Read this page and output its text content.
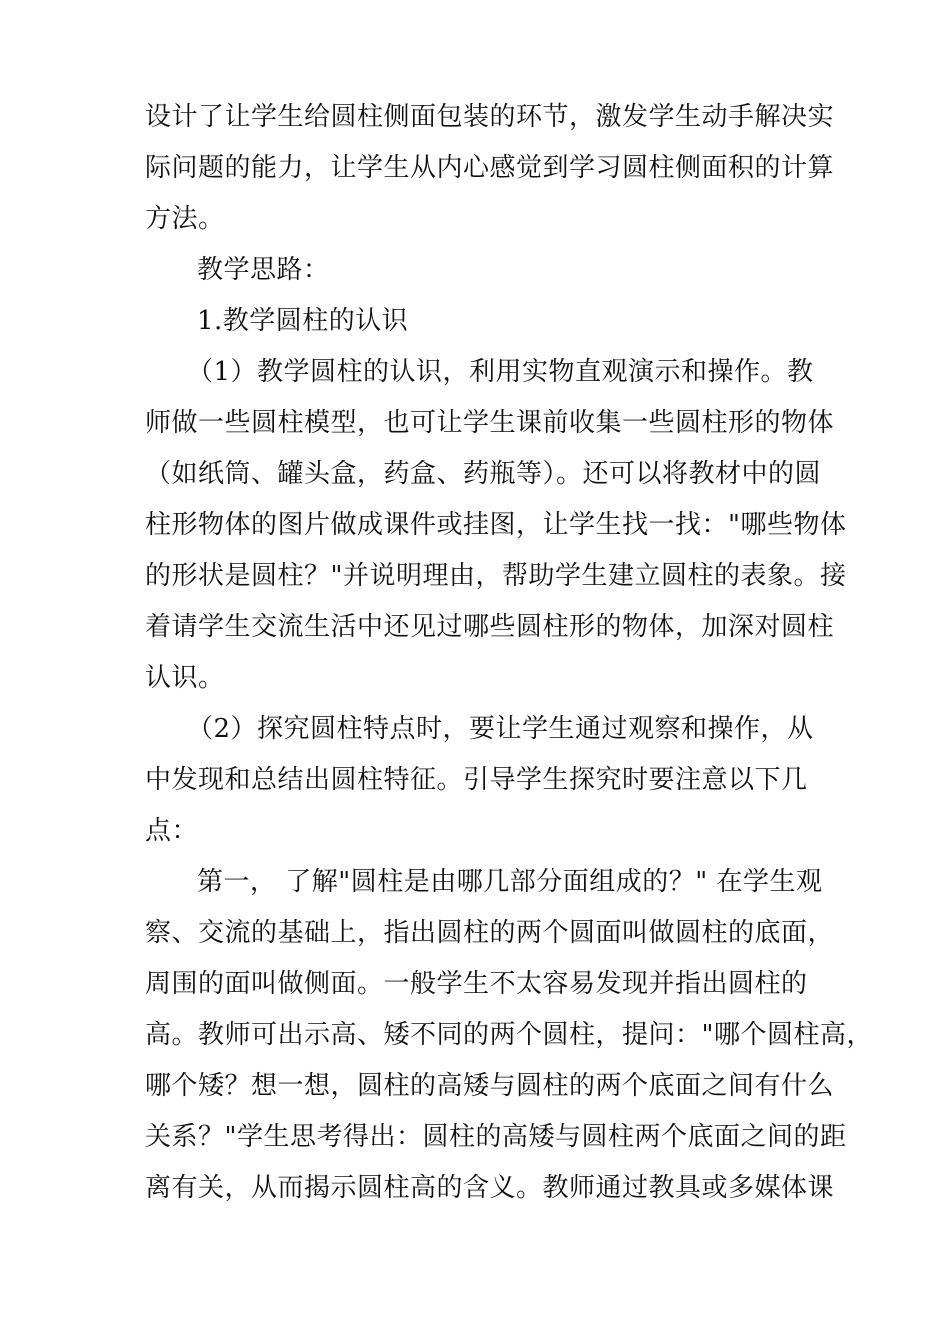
设计了让学生给圆柱侧面包装的环节，激发学生动手解决实
际问题的能力，让学生从内心感觉到学习圆柱侧面积的计算
方法。
教学思路：
1.教学圆柱的认识
（1）教学圆柱的认识，利用实物直观演示和操作。教
师做一些圆柱模型，也可让学生课前收集一些圆柱形的物体
（如纸筒、罐头盒，药盒、药瓶等）。还可以将教材中的圆
柱形物体的图片做成课件或挂图，让学生找一找："哪些物体
的形状是圆柱？"并说明理由，帮助学生建立圆柱的表象。接
着请学生交流生活中还见过哪些圆柱形的物体，加深对圆柱
认识。
（2）探究圆柱特点时，要让学生通过观察和操作，从
中发现和总结出圆柱特征。引导学生探究时要注意以下几
点：
第一， 了解"圆柱是由哪几部分面组成的？" 在学生观
察、交流的基础上，指出圆柱的两个圆面叫做圆柱的底面，
周围的面叫做侧面。一般学生不太容易发现并指出圆柱的
高。教师可出示高、矮不同的两个圆柱，提问："哪个圆柱高，
哪个矮？想一想，圆柱的高矮与圆柱的两个底面之间有什么
关系？"学生思考得出：圆柱的高矮与圆柱两个底面之间的距
离有关，从而揭示圆柱高的含义。教师通过教具或多媒体课
